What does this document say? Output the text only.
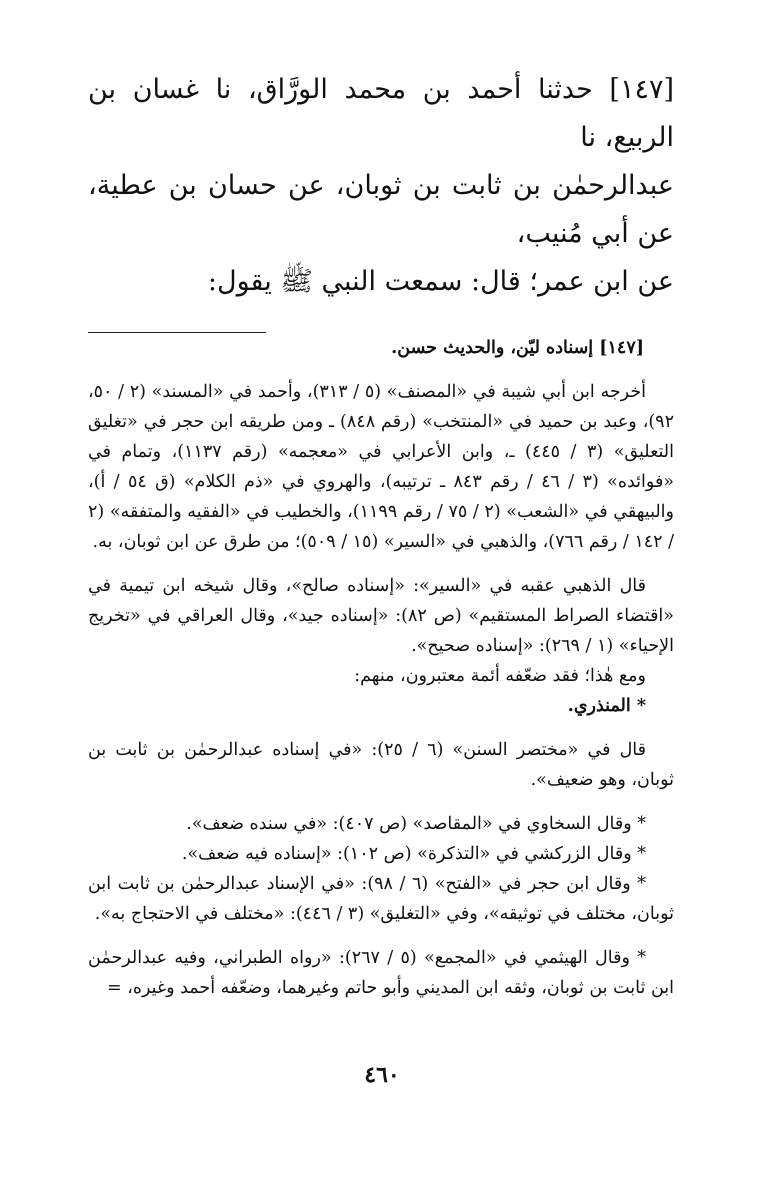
[١٤٧] حدثنا أحمد بن محمد الورَّاق، نا غسان بن الربيع، نا
عبدالرحمٰن بن ثابت بن ثوبان، عن حسان بن عطية، عن أبي مُنيب،
عن ابن عمر؛ قال: سمعت النبي ﷺ يقول:

[١٤٧] إسناده ليّن، والحديث حسن.

أخرجه ابن أبي شيبة في «المصنف» (٥ / ٣١٣)، وأحمد في «المسند» (٢ / ٥٠، ٩٢)، وعبد بن حميد في «المنتخب» (رقم ٨٤٨) ـ ومن طريقه ابن حجر في «تغليق التعليق» (٣ / ٤٤٥) ـ، وابن الأعرابي في «معجمه» (رقم ١١٣٧)، وتمام في «فوائده» (٣ / ٤٦ / رقم ٨٤٣ ـ ترتيبه)، والهروي في «ذم الكلام» (ق ٥٤ / أ)، والبيهقي في «الشعب» (٢ / ٧٥ / رقم ١١٩٩)، والخطيب في «الفقيه والمتفقه» (٢ / ١٤٢ / رقم ٧٦٦)، والذهبي في «السير» (١٥ / ٥٠٩)؛ من طرق عن ابن ثوبان، به.

قال الذهبي عقبه في «السير»: «إسناده صالح»، وقال شيخه ابن تيمية في «اقتضاء الصراط المستقيم» (ص ٨٢): «إسناده جيد»، وقال العراقي في «تخريج الإحياء» (١ / ٢٦٩): «إسناده صحيح».

ومع هٰذا؛ فقد ضعّفه أئمة معتبرون، منهم:

* المنذري.

قال في «مختصر السنن» (٦ / ٢٥): «في إسناده عبدالرحمٰن بن ثابت بن ثوبان، وهو ضعيف».

* وقال السخاوي في «المقاصد» (ص ٤٠٧): «في سنده ضعف».

* وقال الزركشي في «التذكرة» (ص ١٠٢): «إسناده فيه ضعف».

* وقال ابن حجر في «الفتح» (٦ / ٩٨): «في الإسناد عبدالرحمٰن بن ثابت ابن ثوبان، مختلف في توثيقه»، وفي «التغليق» (٣ / ٤٤٦): «مختلف في الاحتجاج به».

* وقال الهيثمي في «المجمع» (٥ / ٢٦٧): «رواه الطبراني، وفيه عبدالرحمٰن ابن ثابت بن ثوبان، وثقه ابن المديني وأبو حاتم وغيرهما، وضعّفه أحمد وغيره، =

٤٦٠
